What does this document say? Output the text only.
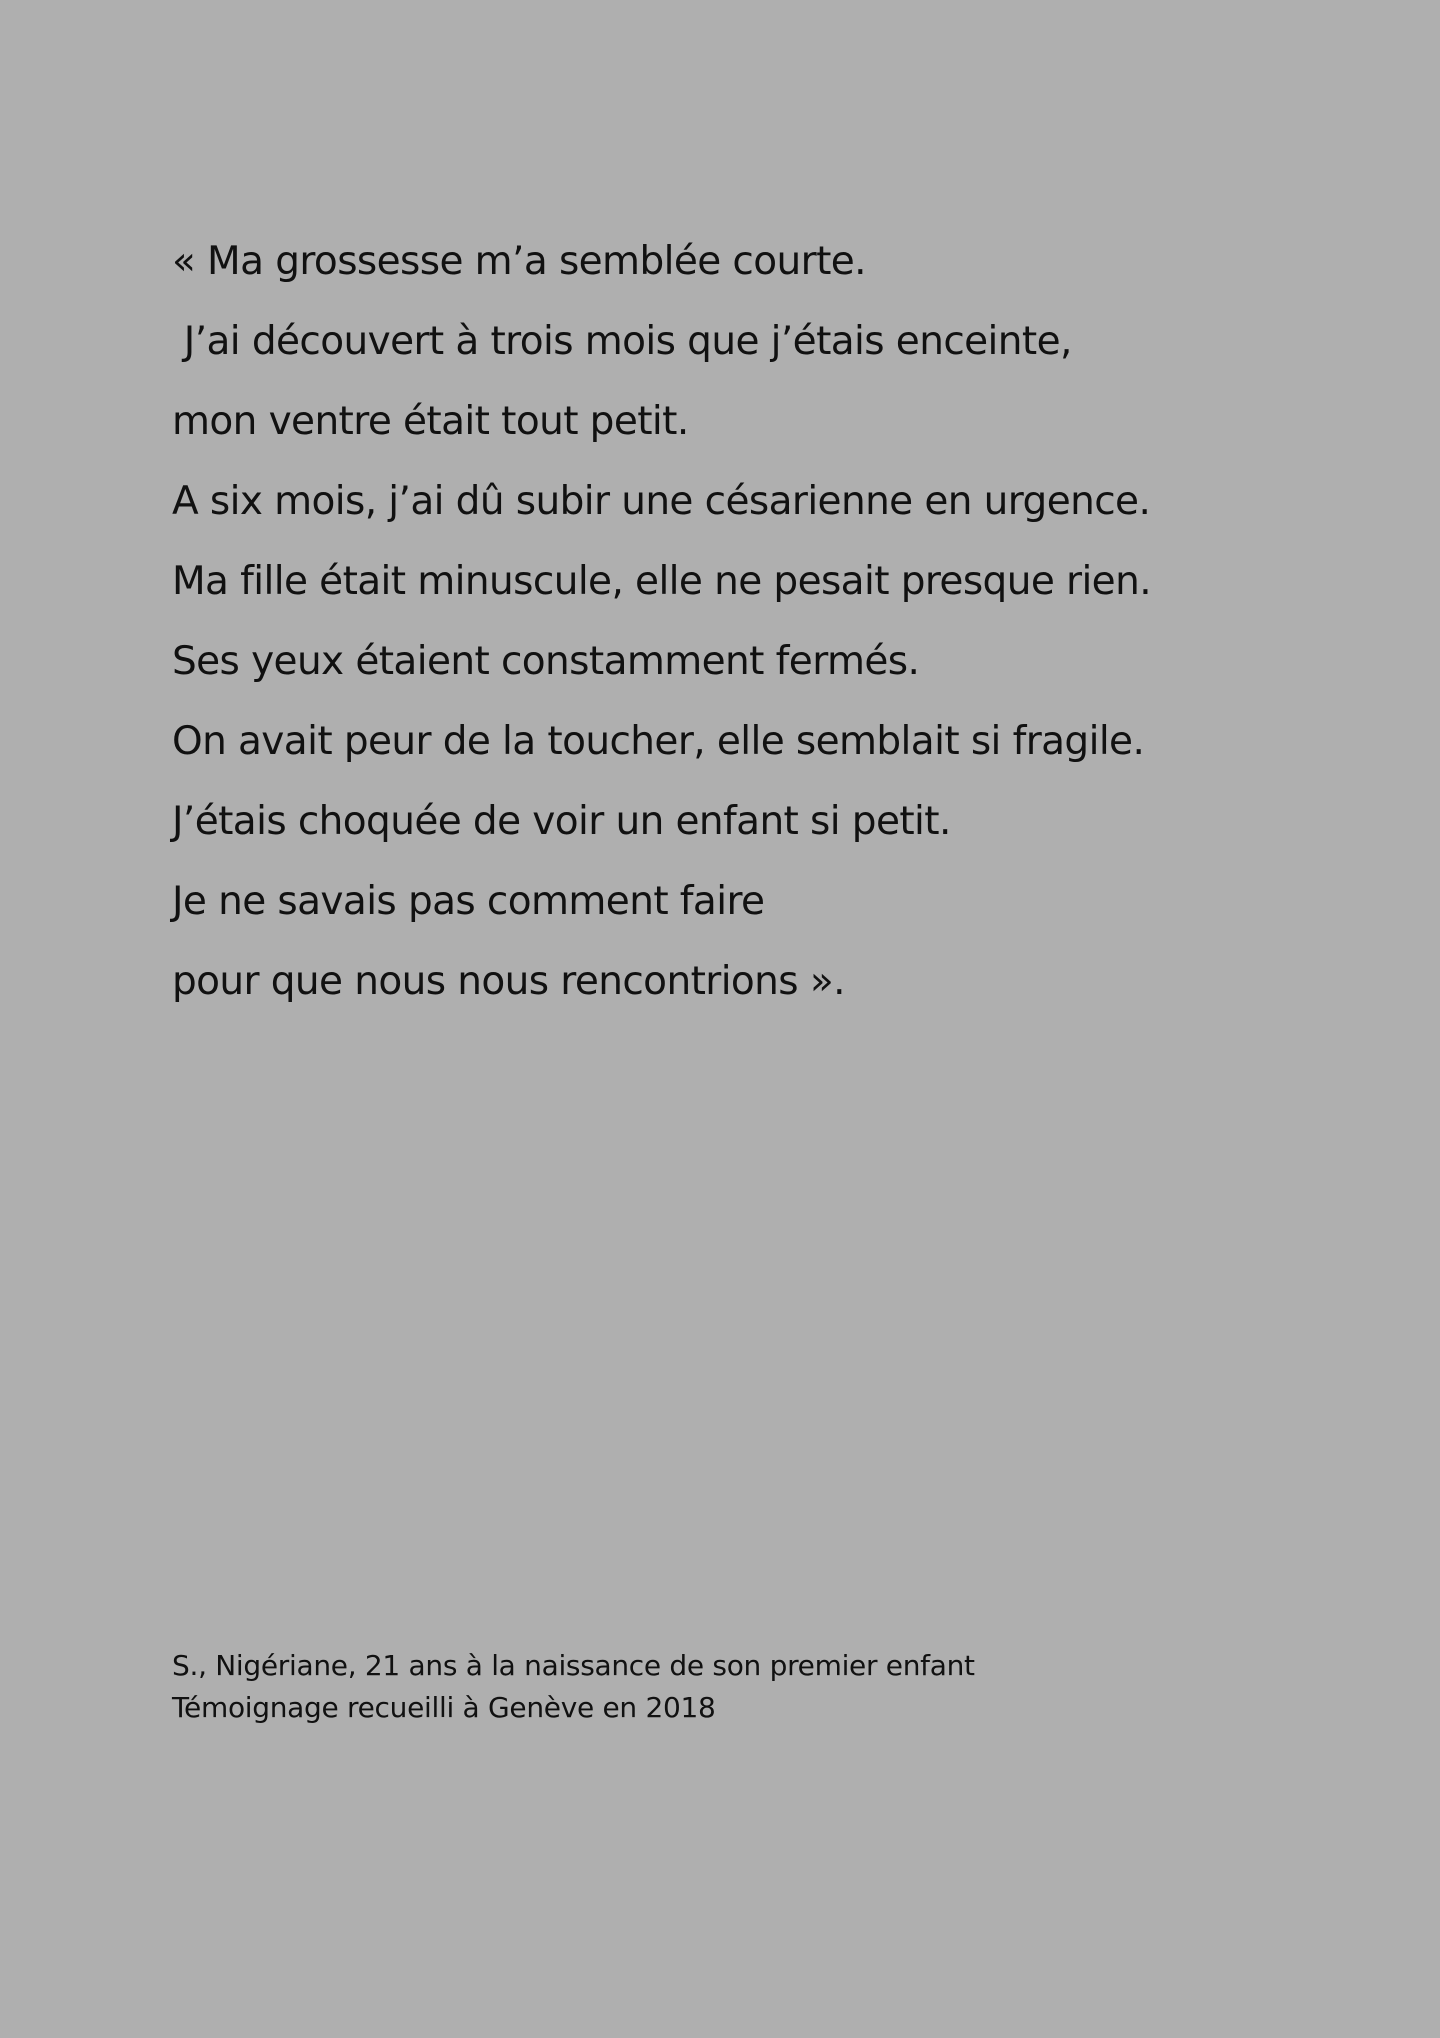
« Ma grossesse m’a semblée courte.
J’ai découvert à trois mois que j’étais enceinte,
mon ventre était tout petit.
A six mois, j’ai dû subir une césarienne en urgence.
Ma fille était minuscule, elle ne pesait presque rien.
Ses yeux étaient constamment fermés.
On avait peur de la toucher, elle semblait si fragile.
J’étais choquée de voir un enfant si petit.
Je ne savais pas comment faire
pour que nous nous rencontrions ».
S., Nigériane, 21 ans à la naissance de son premier enfant
Témoignage recueilli à Genève en 2018
